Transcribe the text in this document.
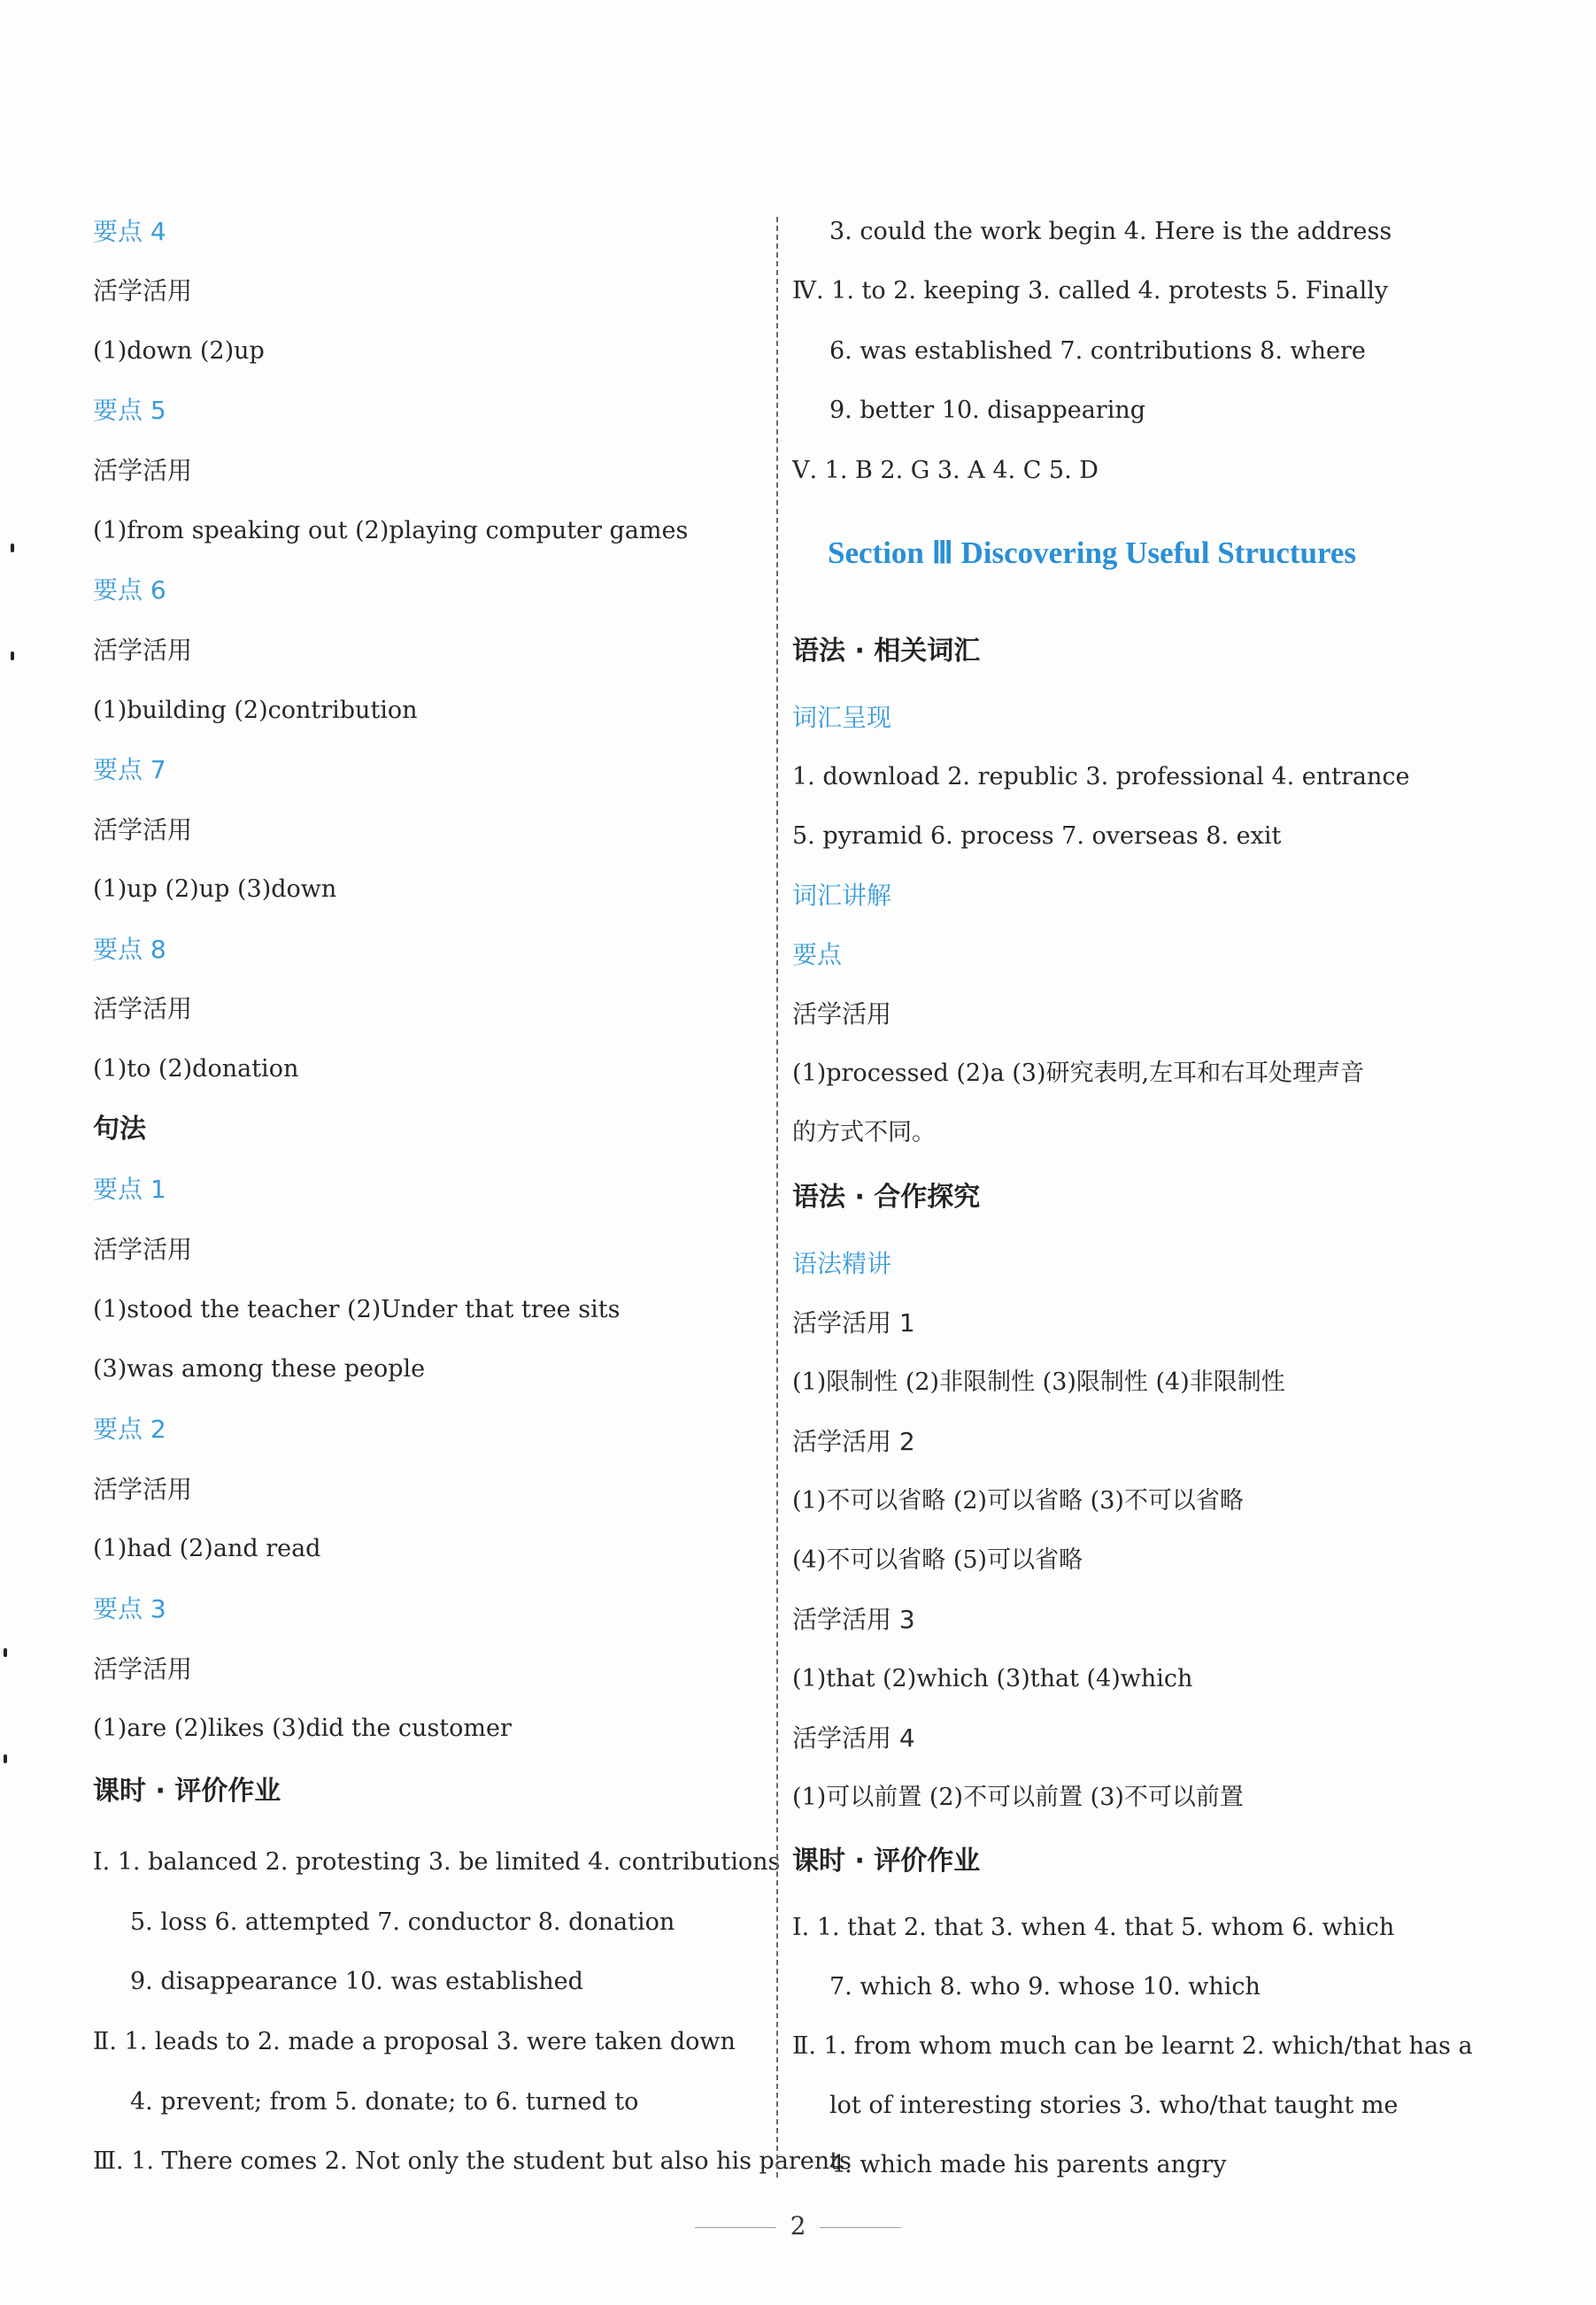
要点 4
活学活用
(1)down (2)up
要点 5
活学活用
(1)from speaking out (2)playing computer games
要点 6
活学活用
(1)building (2)contribution
要点 7
活学活用
(1)up (2)up (3)down
要点 8
活学活用
(1)to (2)donation
句法
要点 1
活学活用
(1)stood the teacher (2)Under that tree sits
(3)was among these people
要点 2
活学活用
(1)had (2)and read
要点 3
活学活用
(1)are (2)likes (3)did the customer
课时 · 评价作业
Ⅰ. 1. balanced 2. protesting 3. be limited 4. contributions
5. loss 6. attempted 7. conductor 8. donation
9. disappearance 10. was established
Ⅱ. 1. leads to 2. made a proposal 3. were taken down
4. prevent; from 5. donate; to 6. turned to
Ⅲ. 1. There comes 2. Not only the student but also his parents
3. could the work begin 4. Here is the address
Ⅳ. 1. to 2. keeping 3. called 4. protests 5. Finally
6. was established 7. contributions 8. where
9. better 10. disappearing
Ⅴ. 1. B 2. G 3. A 4. C 5. D
Section Ⅲ Discovering Useful Structures
语法 · 相关词汇
词汇呈现
1. download 2. republic 3. professional 4. entrance
5. pyramid 6. process 7. overseas 8. exit
词汇讲解
要点
活学活用
(1)processed (2)a (3)研究表明,左耳和右耳处理声音
的方式不同。
语法 · 合作探究
语法精讲
活学活用 1
(1)限制性 (2)非限制性 (3)限制性 (4)非限制性
活学活用 2
(1)不可以省略 (2)可以省略 (3)不可以省略
(4)不可以省略 (5)可以省略
活学活用 3
(1)that (2)which (3)that (4)which
活学活用 4
(1)可以前置 (2)不可以前置 (3)不可以前置
课时 · 评价作业
Ⅰ. 1. that 2. that 3. when 4. that 5. whom 6. which
7. which 8. who 9. whose 10. which
Ⅱ. 1. from whom much can be learnt 2. which/that has a
lot of interesting stories 3. who/that taught me
4. which made his parents angry
2
